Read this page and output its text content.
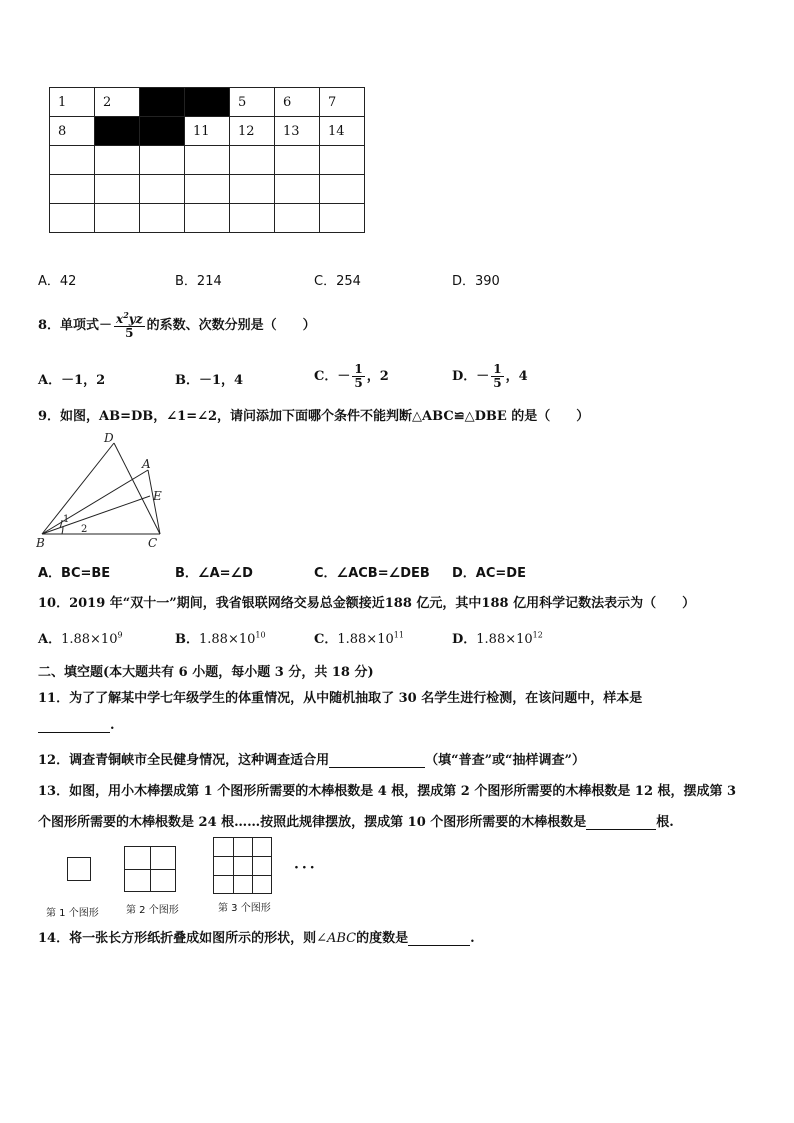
1	2			5	6	7
8			11	12	13	14

A．42	B．214	C．254	D．390
8．单项式－ $\frac{x^2yz}{5}$ 的系数、次数分别是（　　）
A．－1，2	B．－1，4	C．－ $\frac{1}{5}$ ，2	D．－ $\frac{1}{5}$ ，4
9．如图，AB=DB，∠1=∠2，请问添加下面哪个条件不能判断△ABC≌△DBE 的是（　　）
D
A
E
B	C
1
2
A．BC=BE	B．∠A=∠D	C．∠ACB=∠DEB D．AC=DE
10．2019 年“双十一”期间，我省银联网络交易总金额接近188 亿元，其中188 亿用科学记数法表示为（　　）
A．$1.88\times 10^9$	B．$1.88\times 10^{10}$	C．$1.88\times 10^{11}$	D．$1.88\times 10^{12}$
二、填空题(本大题共有 6 小题，每小题 3 分，共 18 分)
11．为了了解某中学七年级学生的体重情况，从中随机抽取了 30 名学生进行检测，在该问题中，样本是
.
12．调查青铜峡市全民健身情况，这种调查适合用	（填“普查”或“抽样调查”）
13．如图，用小木棒摆成第 1 个图形所需要的木棒根数是 4 根，摆成第 2 个图形所需要的木棒根数是 12 根，摆成第 3
个图形所需要的木棒根数是 24 根……按照此规律摆放，摆成第 10 个图形所需要的木棒根数是	根.
···
第 1 个图形	第 2 个图形	第 3 个图形
14．将一张长方形纸折叠成如图所示的形状，则∠ABC的度数是	.
